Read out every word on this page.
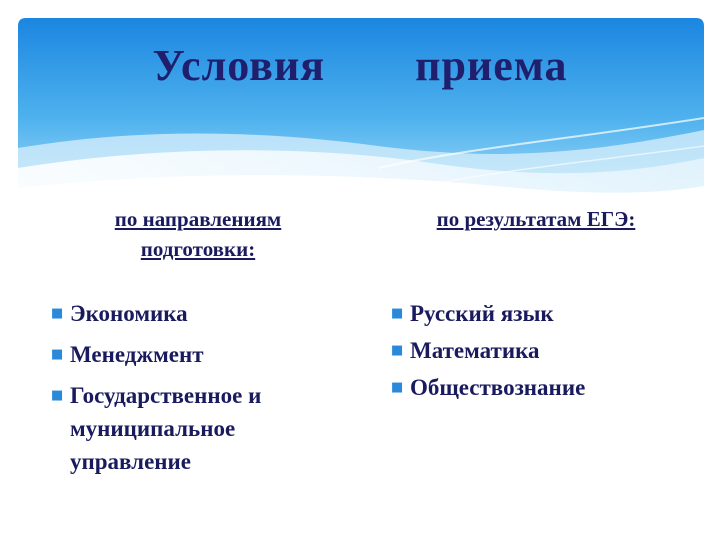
Условия   приема
по направлениям подготовки:
■ Экономика
■ Менеджмент
■ Государственное и муниципальное управление
по результатам ЕГЭ:
■ Русский язык
■ Математика
■ Обществознание
